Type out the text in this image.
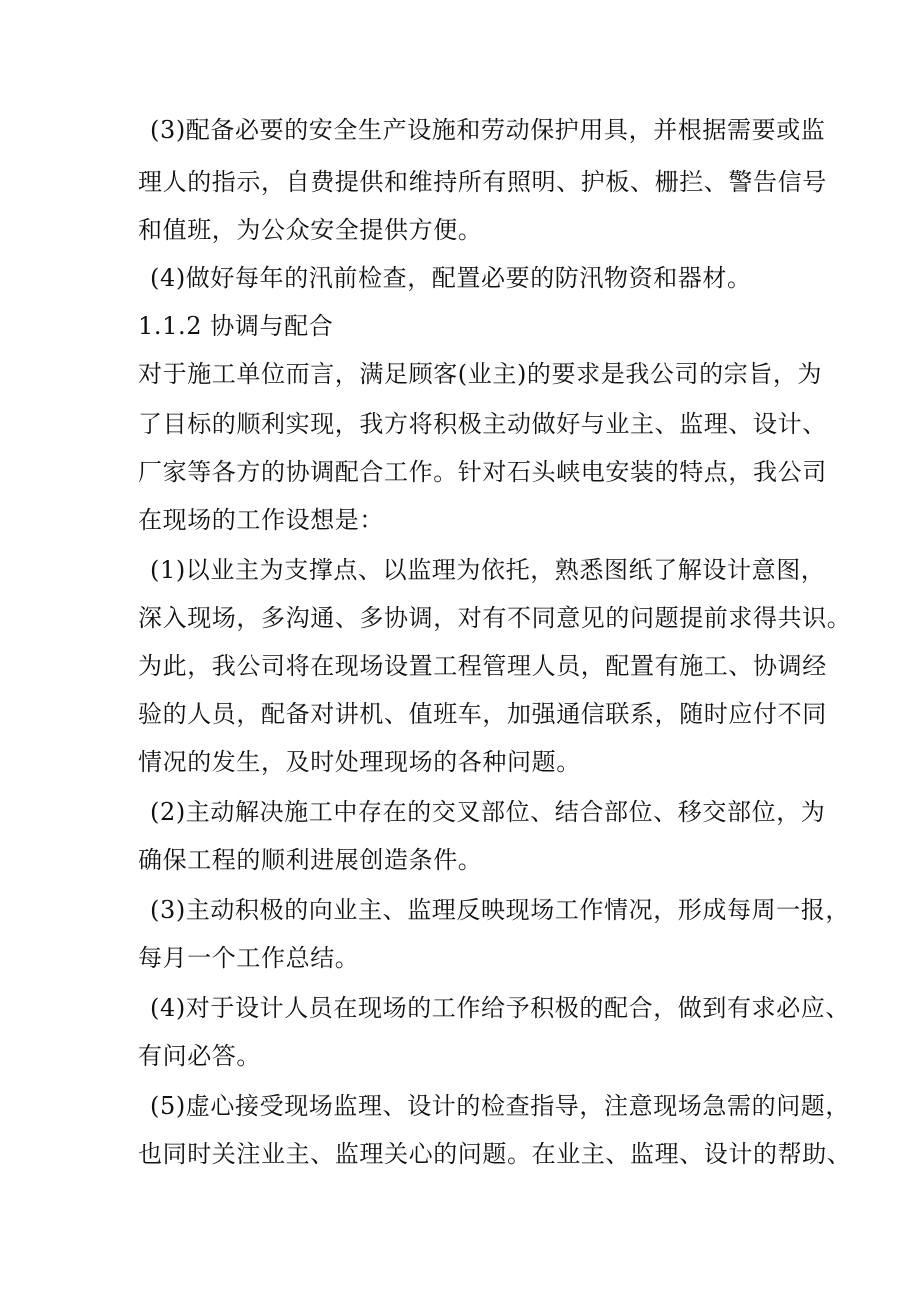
(3)配备必要的安全生产设施和劳动保护用具，并根据需要或监
理人的指示，自费提供和维持所有照明、护板、栅拦、警告信号
和值班，为公众安全提供方便。
(4)做好每年的汛前检查，配置必要的防汛物资和器材。
1.1.2 协调与配合
对于施工单位而言，满足顾客(业主)的要求是我公司的宗旨，为
了目标的顺利实现，我方将积极主动做好与业主、监理、设计、
厂家等各方的协调配合工作。针对石头峡电安装的特点，我公司
在现场的工作设想是：
(1)以业主为支撑点、以监理为依托，熟悉图纸了解设计意图，
深入现场，多沟通、多协调，对有不同意见的问题提前求得共识。
为此，我公司将在现场设置工程管理人员，配置有施工、协调经
验的人员，配备对讲机、值班车，加强通信联系，随时应付不同
情况的发生，及时处理现场的各种问题。
(2)主动解决施工中存在的交叉部位、结合部位、移交部位，为
确保工程的顺利进展创造条件。
(3)主动积极的向业主、监理反映现场工作情况，形成每周一报，
每月一个工作总结。
(4)对于设计人员在现场的工作给予积极的配合，做到有求必应、
有问必答。
(5)虚心接受现场监理、设计的检查指导，注意现场急需的问题，
也同时关注业主、监理关心的问题。在业主、监理、设计的帮助、
